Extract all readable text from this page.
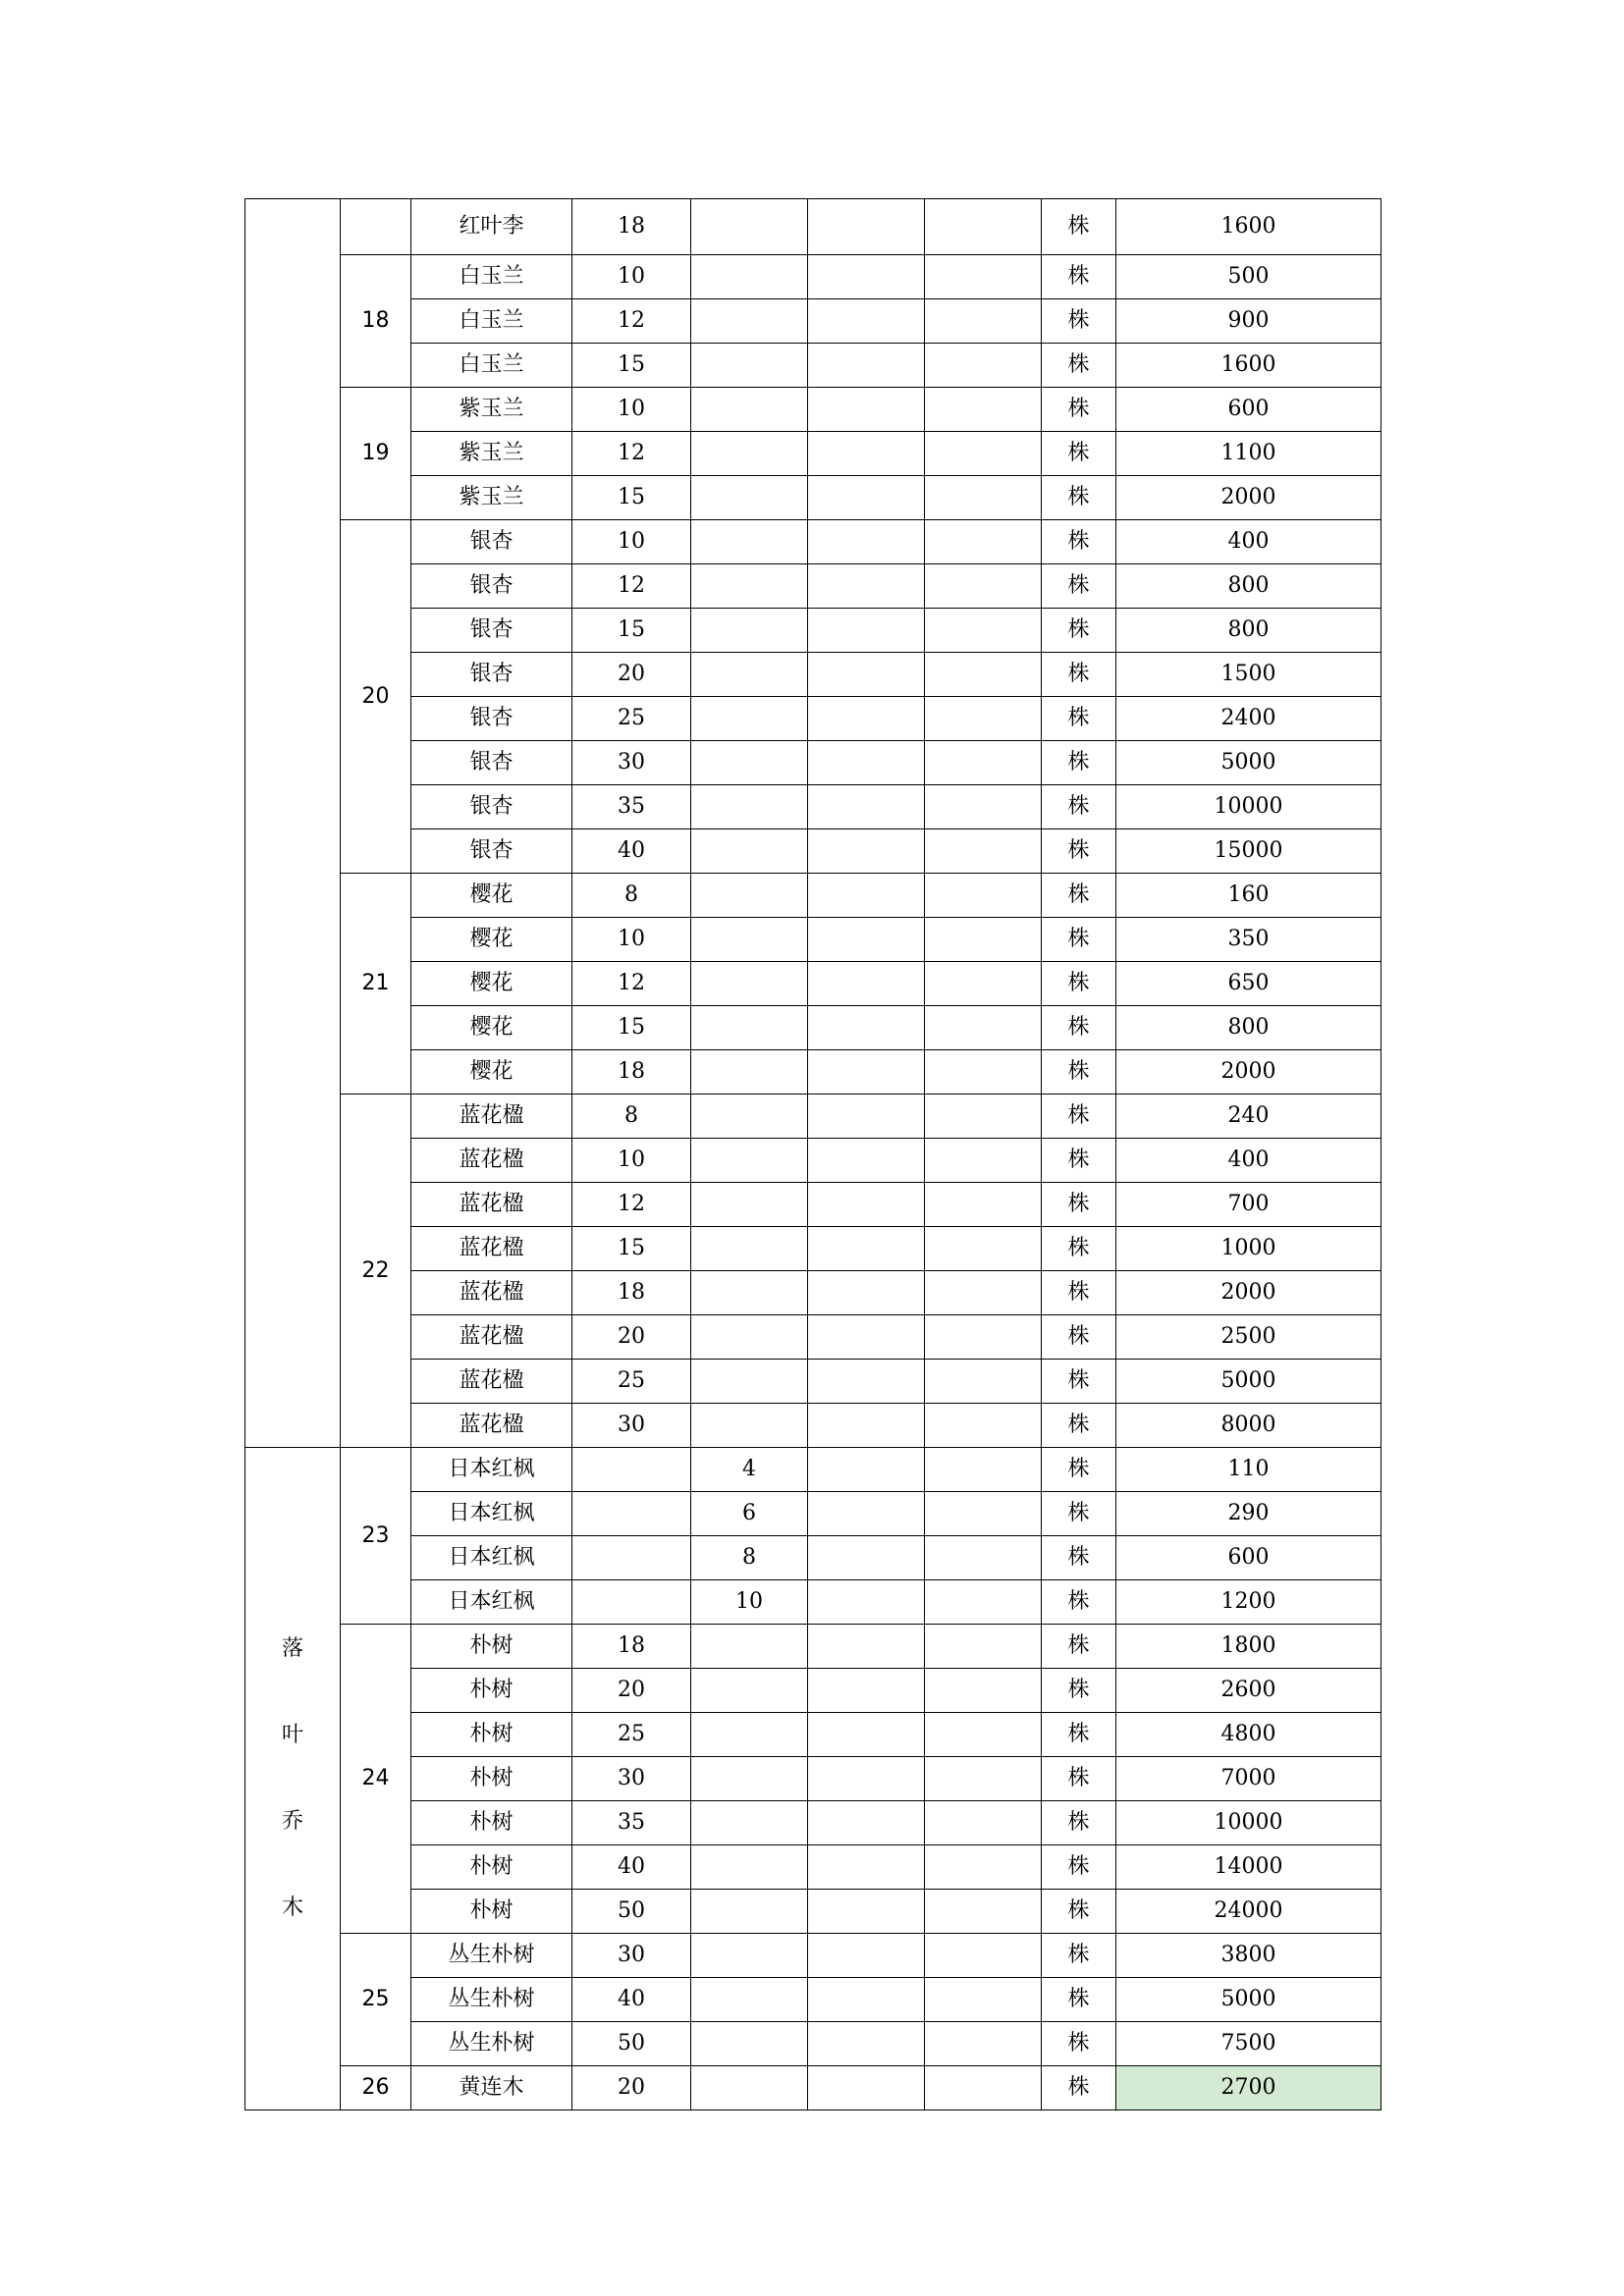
		红叶李	18				株	1600
	18	白玉兰	10				株	500
		白玉兰	12				株	900
		白玉兰	15				株	1600
	19	紫玉兰	10				株	600
		紫玉兰	12				株	1100
		紫玉兰	15				株	2000
	20	银杏	10				株	400
		银杏	12				株	800
		银杏	15				株	800
		银杏	20				株	1500
		银杏	25				株	2400
		银杏	30				株	5000
		银杏	35				株	10000
		银杏	40				株	15000
	21	樱花	8				株	160
		樱花	10				株	350
		樱花	12				株	650
		樱花	15				株	800
		樱花	18				株	2000
	22	蓝花楹	8				株	240
		蓝花楹	10				株	400
		蓝花楹	12				株	700
		蓝花楹	15				株	1000
		蓝花楹	18				株	2000
		蓝花楹	20				株	2500
		蓝花楹	25				株	5000
		蓝花楹	30				株	8000
落叶乔木	23	日本红枫		4			株	110
		日本红枫		6			株	290
		日本红枫		8			株	600
		日本红枫		10			株	1200
	24	朴树	18				株	1800
		朴树	20				株	2600
		朴树	25				株	4800
		朴树	30				株	7000
		朴树	35				株	10000
		朴树	40				株	14000
		朴树	50				株	24000
	25	丛生朴树	30				株	3800
		丛生朴树	40				株	5000
		丛生朴树	50				株	7500
	26	黄连木	20				株	2700
